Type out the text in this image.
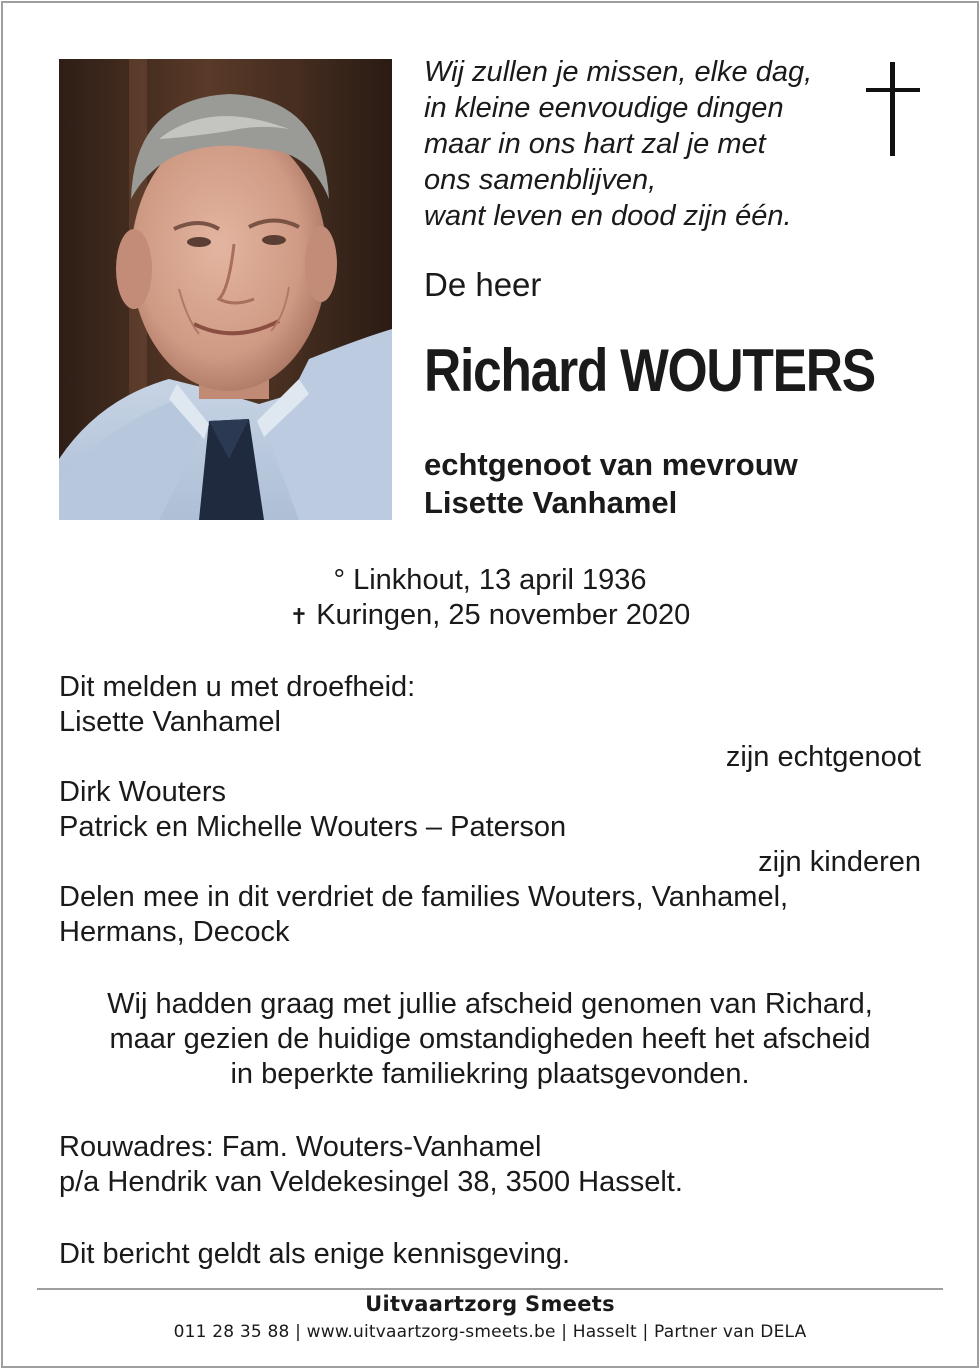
Wij zullen je missen, elke dag,
in kleine eenvoudige dingen
maar in ons hart zal je met
ons samenblijven,
want leven en dood zijn één.
De heer
Richard WOUTERS
echtgenoot van mevrouw
Lisette Vanhamel
° Linkhout, 13 april 1936
✝ Kuringen, 25 november 2020
Dit melden u met droefheid:
Lisette Vanhamel
zijn echtgenoot
Dirk Wouters
Patrick en Michelle Wouters – Paterson
zijn kinderen
Delen mee in dit verdriet de families Wouters, Vanhamel,
Hermans, Decock
Wij hadden graag met jullie afscheid genomen van Richard,
maar gezien de huidige omstandigheden heeft het afscheid
in beperkte familiekring plaatsgevonden.
Rouwadres: Fam. Wouters-Vanhamel
p/a Hendrik van Veldekesingel 38, 3500 Hasselt.
Dit bericht geldt als enige kennisgeving.
Uitvaartzorg Smeets
011 28 35 88 | www.uitvaartzorg-smeets.be | Hasselt | Partner van DELA
